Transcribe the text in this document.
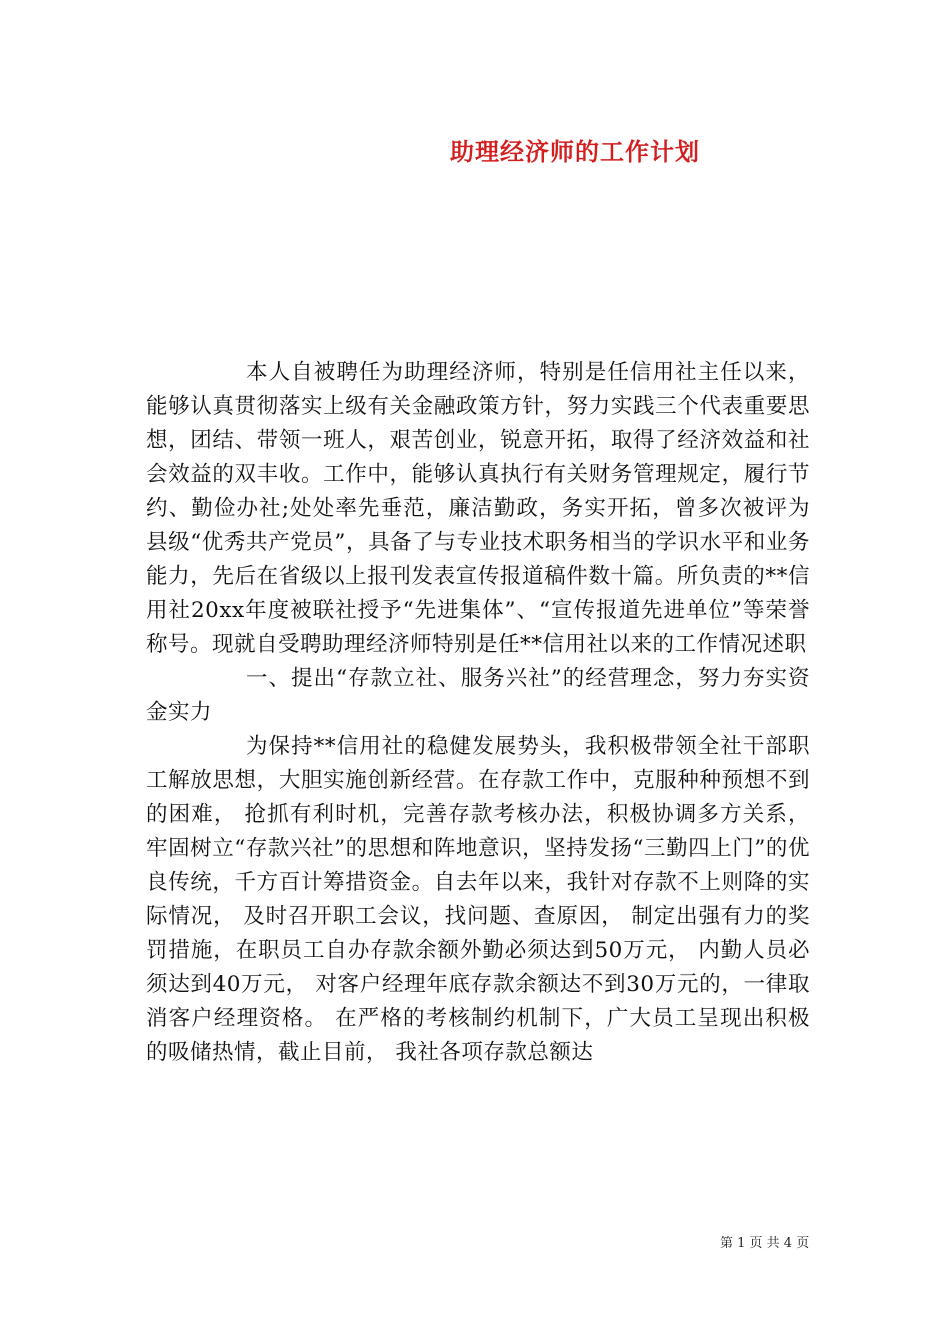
助理经济师的工作计划

本人自被聘任为助理经济师，特别是任信用社主任以来，能够认真贯彻落实上级有关金融政策方针，努力实践三个代表重要思想，团结、带领一班人，艰苦创业，锐意开拓，取得了经济效益和社会效益的双丰收。工作中，能够认真执行有关财务管理规定，履行节约、勤俭办社;处处率先垂范，廉洁勤政，务实开拓，曾多次被评为县级“优秀共产党员”，具备了与专业技术职务相当的学识水平和业务能力，先后在省级以上报刊发表宣传报道稿件数十篇。所负责的**信用社20xx年度被联社授予“先进集体”、“宣传报道先进单位”等荣誉称号。现就自受聘助理经济师特别是任**信用社以来的工作情况述职

一、提出“存款立社、服务兴社”的经营理念，努力夯实资金实力

为保持**信用社的稳健发展势头，我积极带领全社干部职工解放思想，大胆实施创新经营。在存款工作中，克服种种预想不到的困难， 抢抓有利时机，完善存款考核办法，积极协调多方关系，牢固树立“存款兴社”的思想和阵地意识，坚持发扬“三勤四上门”的优良传统，千方百计筹措资金。自去年以来，我针对存款不上则降的实际情况， 及时召开职工会议，找问题、查原因， 制定出强有力的奖罚措施，在职员工自办存款余额外勤必须达到50万元， 内勤人员必须达到40万元， 对客户经理年底存款余额达不到30万元的，一律取消客户经理资格。 在严格的考核制约机制下，广大员工呈现出积极的吸储热情，截止目前， 我社各项存款总额达

第 1 页 共 4 页
